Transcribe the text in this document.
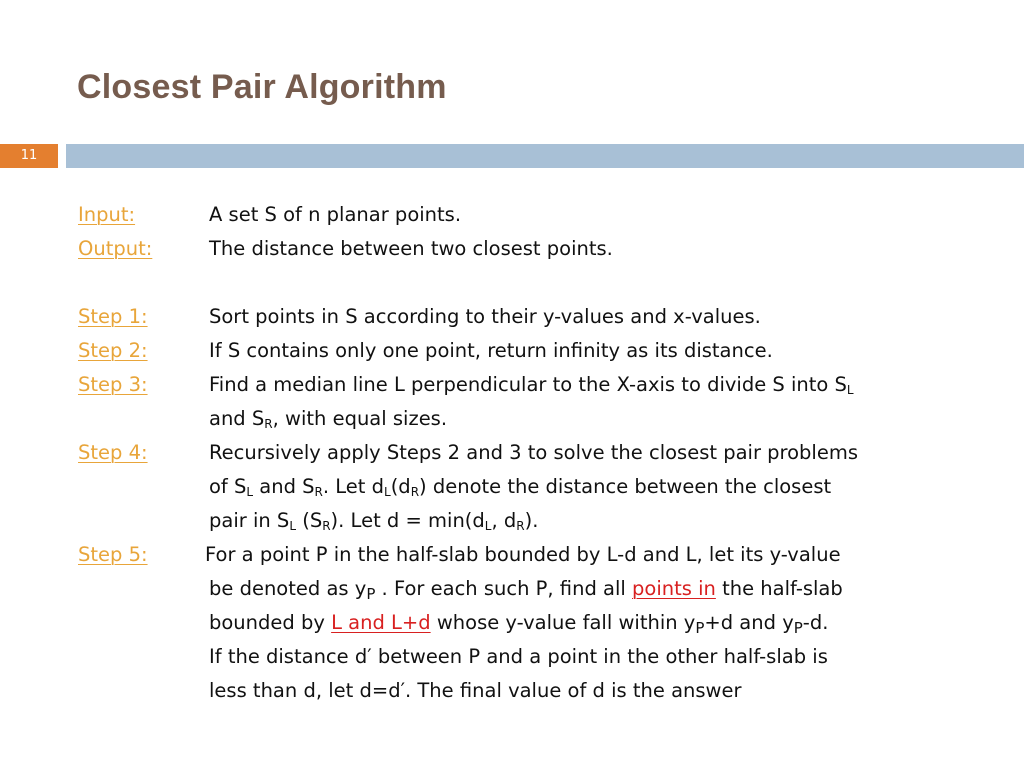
Closest Pair Algorithm
11
Input:	A set S of n planar points.
Output:	The distance between two closest points.
Step 1:	Sort points in S according to their y-values and x-values.
Step 2:	If S contains only one point, return infinity as its distance.
Step 3:	Find a median line L perpendicular to the X-axis to divide S into $S_L$
and $S_R$, with equal sizes.
Step 4:	Recursively apply Steps 2 and 3 to solve the closest pair problems
of $S_L$ and $S_R$. Let $d_L(d_R)$ denote the distance between the closest
pair in $S_L$ $(S_R)$. Let $d = \min(d_L$, $d_R$).
Step 5:	For a point P in the half-slab bounded by L-d and L, let its y-value
be denoted as $y_P$ . For each such P, find all points in the half-slab
bounded by L and L+d whose y-value fall within $y_P+d$ and $y_P-d$.
If the distance d′ between P and a point in the other half-slab is
less than d, let d=d′. The final value of d is the answer
